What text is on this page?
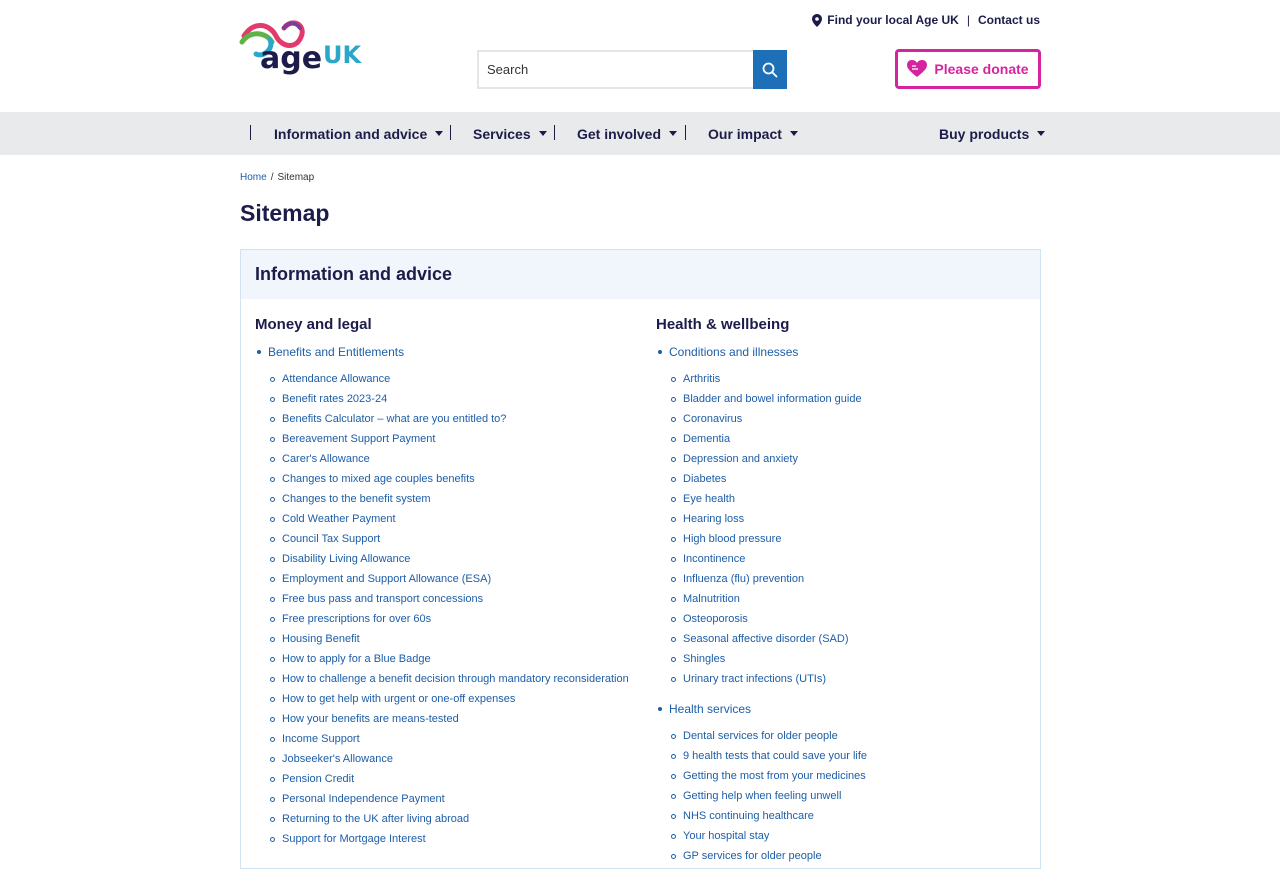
age UK
Find your local Age UK | Contact us
Search
Please donate
Information and advice	Services	Get involved	Our impact	Buy products
Home / Sitemap
Sitemap
Information and advice
Money and legal
Benefits and Entitlements
Attendance Allowance
Benefit rates 2023-24
Benefits Calculator – what are you entitled to?
Bereavement Support Payment
Carer's Allowance
Changes to mixed age couples benefits
Changes to the benefit system
Cold Weather Payment
Council Tax Support
Disability Living Allowance
Employment and Support Allowance (ESA)
Free bus pass and transport concessions
Free prescriptions for over 60s
Housing Benefit
How to apply for a Blue Badge
How to challenge a benefit decision through mandatory reconsideration
How to get help with urgent or one-off expenses
How your benefits are means-tested
Income Support
Jobseeker's Allowance
Pension Credit
Personal Independence Payment
Returning to the UK after living abroad
Support for Mortgage Interest
Health & wellbeing
Conditions and illnesses
Arthritis
Bladder and bowel information guide
Coronavirus
Dementia
Depression and anxiety
Diabetes
Eye health
Hearing loss
High blood pressure
Incontinence
Influenza (flu) prevention
Malnutrition
Osteoporosis
Seasonal affective disorder (SAD)
Shingles
Urinary tract infections (UTIs)
Health services
Dental services for older people
9 health tests that could save your life
Getting the most from your medicines
Getting help when feeling unwell
NHS continuing healthcare
Your hospital stay
GP services for older people
